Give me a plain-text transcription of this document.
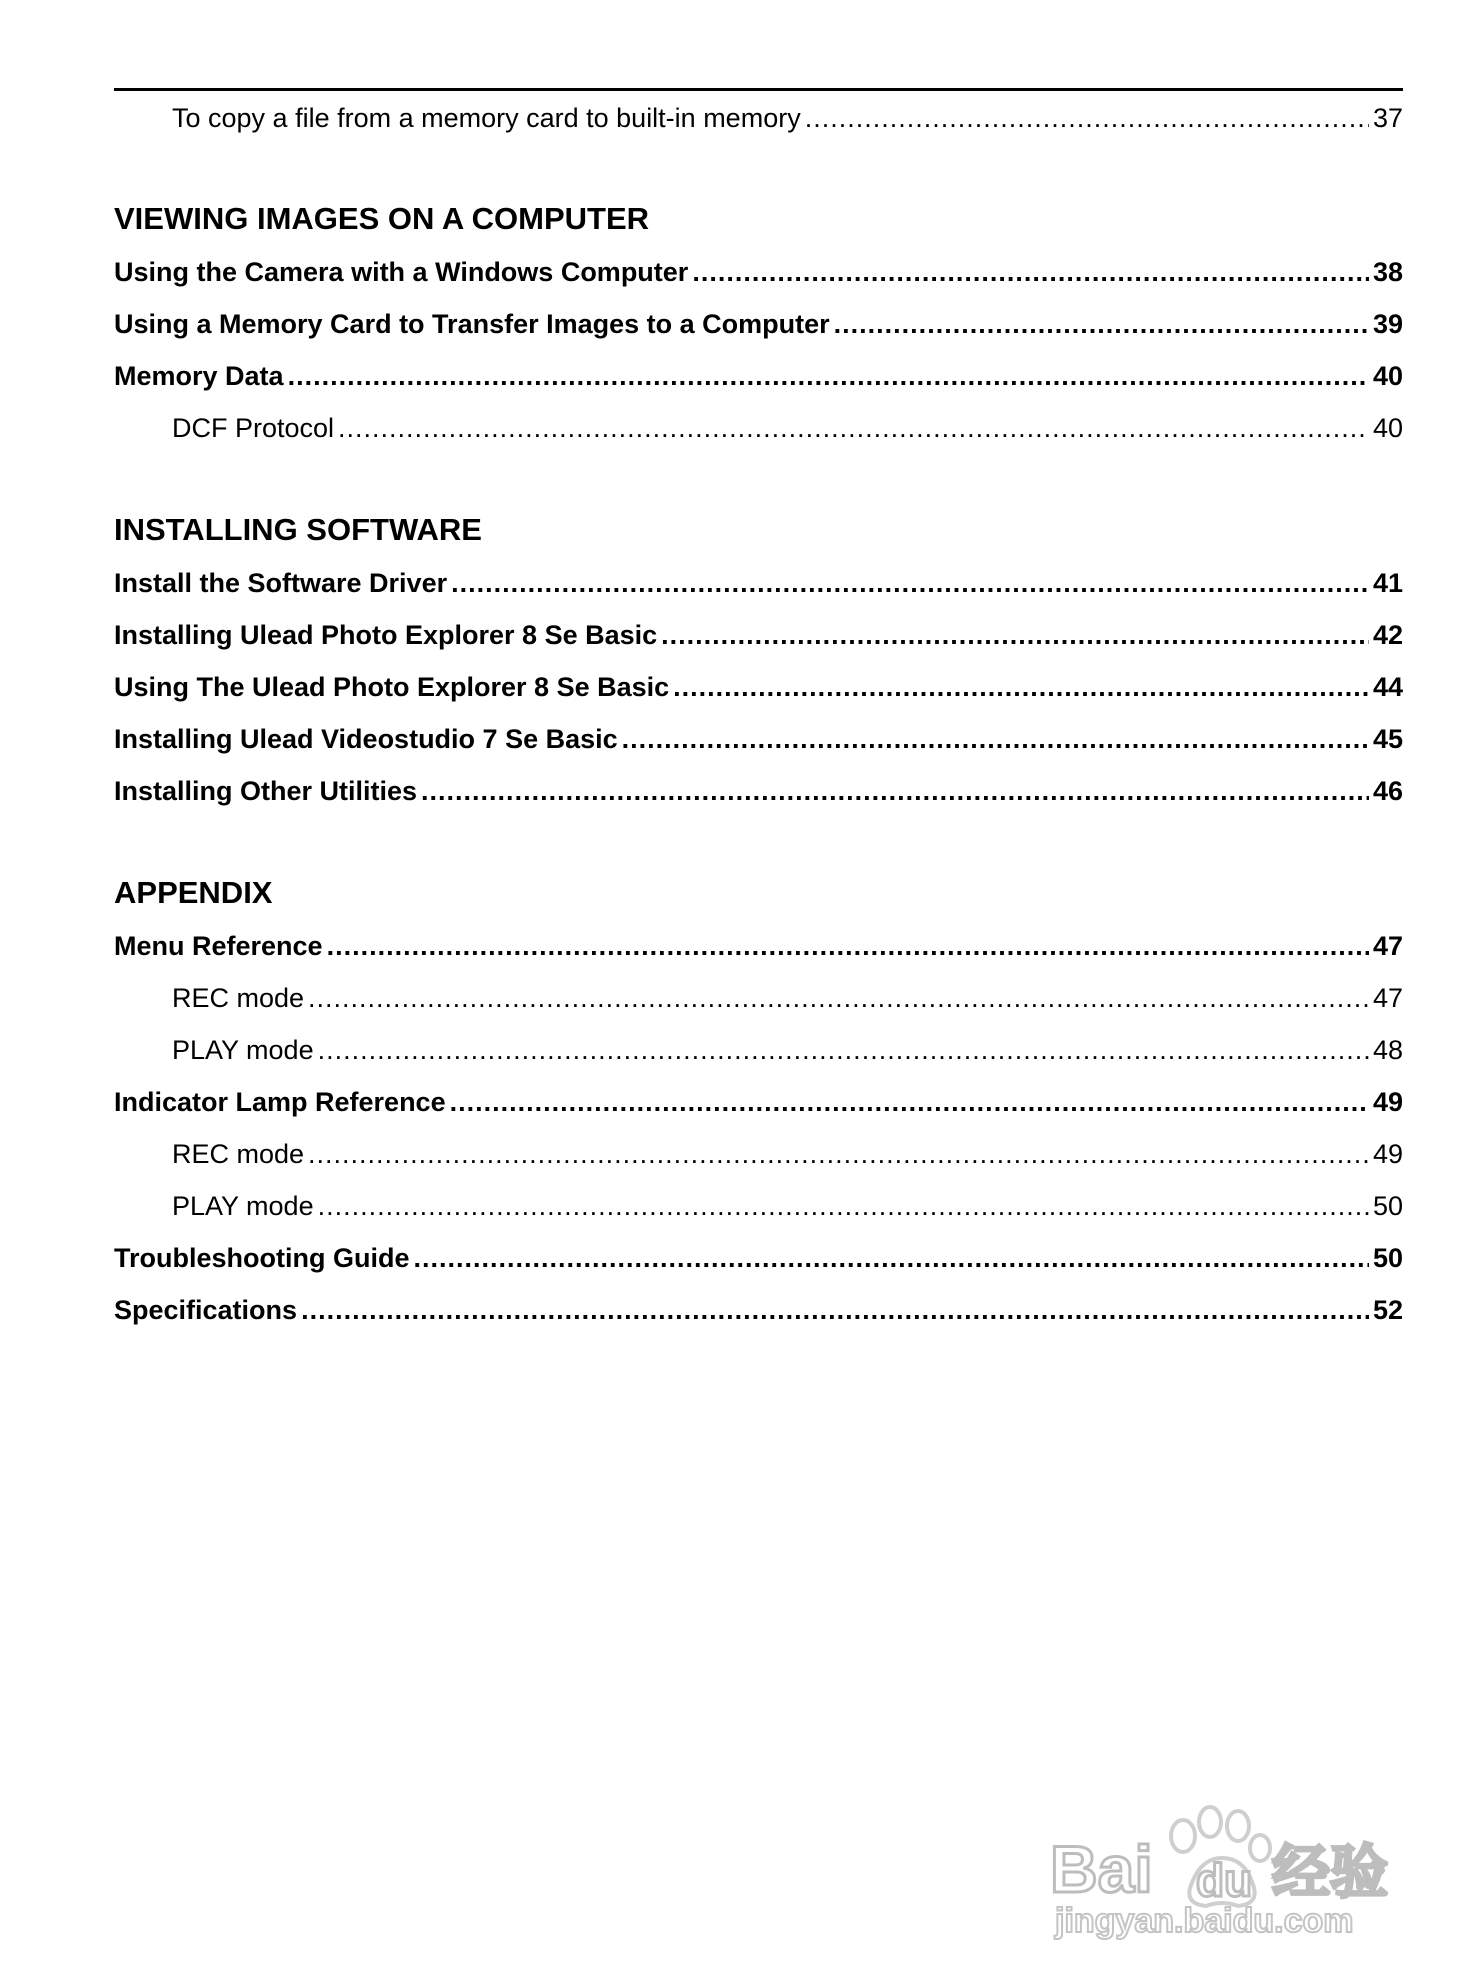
To copy a file from a memory card to built-in memory .....	37
VIEWING IMAGES ON A COMPUTER
Using the Camera with a Windows Computer .....	38
Using a Memory Card to Transfer Images to a Computer .....	39
Memory Data .....	40
DCF Protocol .....	40
INSTALLING SOFTWARE
Install the Software Driver .....	41
Installing Ulead Photo Explorer 8 Se Basic .....	42
Using The Ulead Photo Explorer 8 Se Basic .....	44
Installing Ulead Videostudio 7 Se Basic .....	45
Installing Other Utilities .....	46
APPENDIX
Menu Reference .....	47
REC mode .....	47
PLAY mode .....	48
Indicator Lamp Reference .....	49
REC mode .....	49
PLAY mode .....	50
Troubleshooting Guide .....	50
Specifications .....	52
Bai du 经验
jingyan.baidu.com
